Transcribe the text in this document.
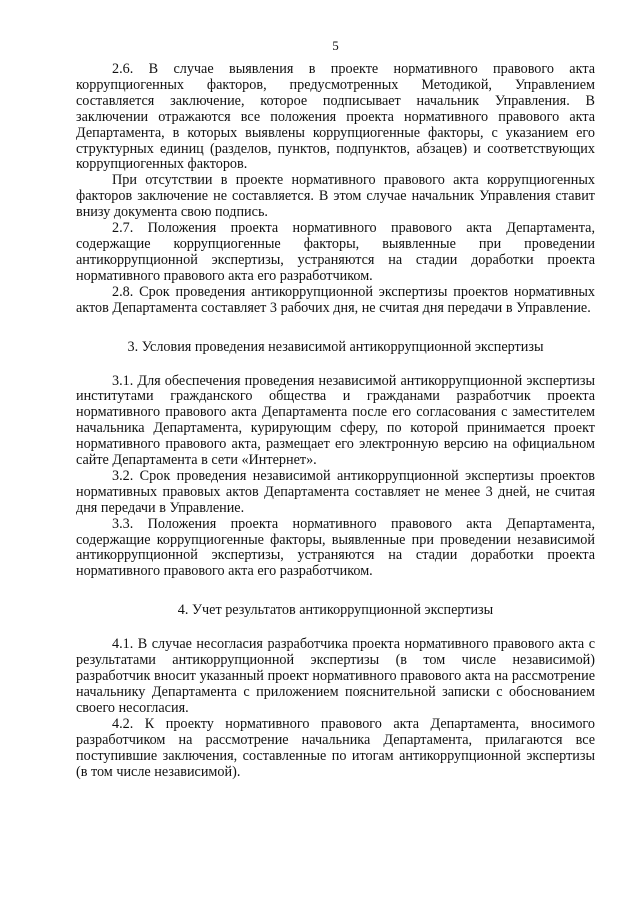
5

2.6. В случае выявления в проекте нормативного правового акта коррупциогенных факторов, предусмотренных Методикой, Управлением составляется заключение, которое подписывает начальник Управления. В заключении отражаются все положения проекта нормативного правового акта Департамента, в которых выявлены коррупциогенные факторы, с указанием его структурных единиц (разделов, пунктов, подпунктов, абзацев) и соответствующих коррупциогенных факторов.

При отсутствии в проекте нормативного правового акта коррупциогенных факторов заключение не составляется. В этом случае начальник Управления ставит внизу документа свою подпись.

2.7. Положения проекта нормативного правового акта Департамента, содержащие коррупциогенные факторы, выявленные при проведении антикоррупционной экспертизы, устраняются на стадии доработки проекта нормативного правового акта его разработчиком.

2.8. Срок проведения антикоррупционной экспертизы проектов нормативных актов Департамента составляет 3 рабочих дня, не считая дня передачи в Управление.

3. Условия проведения независимой антикоррупционной экспертизы

3.1. Для обеспечения проведения независимой антикоррупционной экспертизы институтами гражданского общества и гражданами разработчик проекта нормативного правового акта Департамента после его согласования с заместителем начальника Департамента, курирующим сферу, по которой принимается проект нормативного правового акта, размещает его электронную версию на официальном сайте Департамента в сети «Интернет».

3.2. Срок проведения независимой антикоррупционной экспертизы проектов нормативных правовых актов Департамента составляет не менее 3 дней, не считая дня передачи в Управление.

3.3. Положения проекта нормативного правового акта Департамента, содержащие коррупциогенные факторы, выявленные при проведении независимой антикоррупционной экспертизы, устраняются на стадии доработки проекта нормативного правового акта его разработчиком.

4. Учет результатов антикоррупционной экспертизы

4.1. В случае несогласия разработчика проекта нормативного правового акта с результатами антикоррупционной экспертизы (в том числе независимой) разработчик вносит указанный проект нормативного правового акта на рассмотрение начальнику Департамента с приложением пояснительной записки с обоснованием своего несогласия.

4.2. К проекту нормативного правового акта Департамента, вносимого разработчиком на рассмотрение начальника Департамента, прилагаются все поступившие заключения, составленные по итогам антикоррупционной экспертизы (в том числе независимой).
